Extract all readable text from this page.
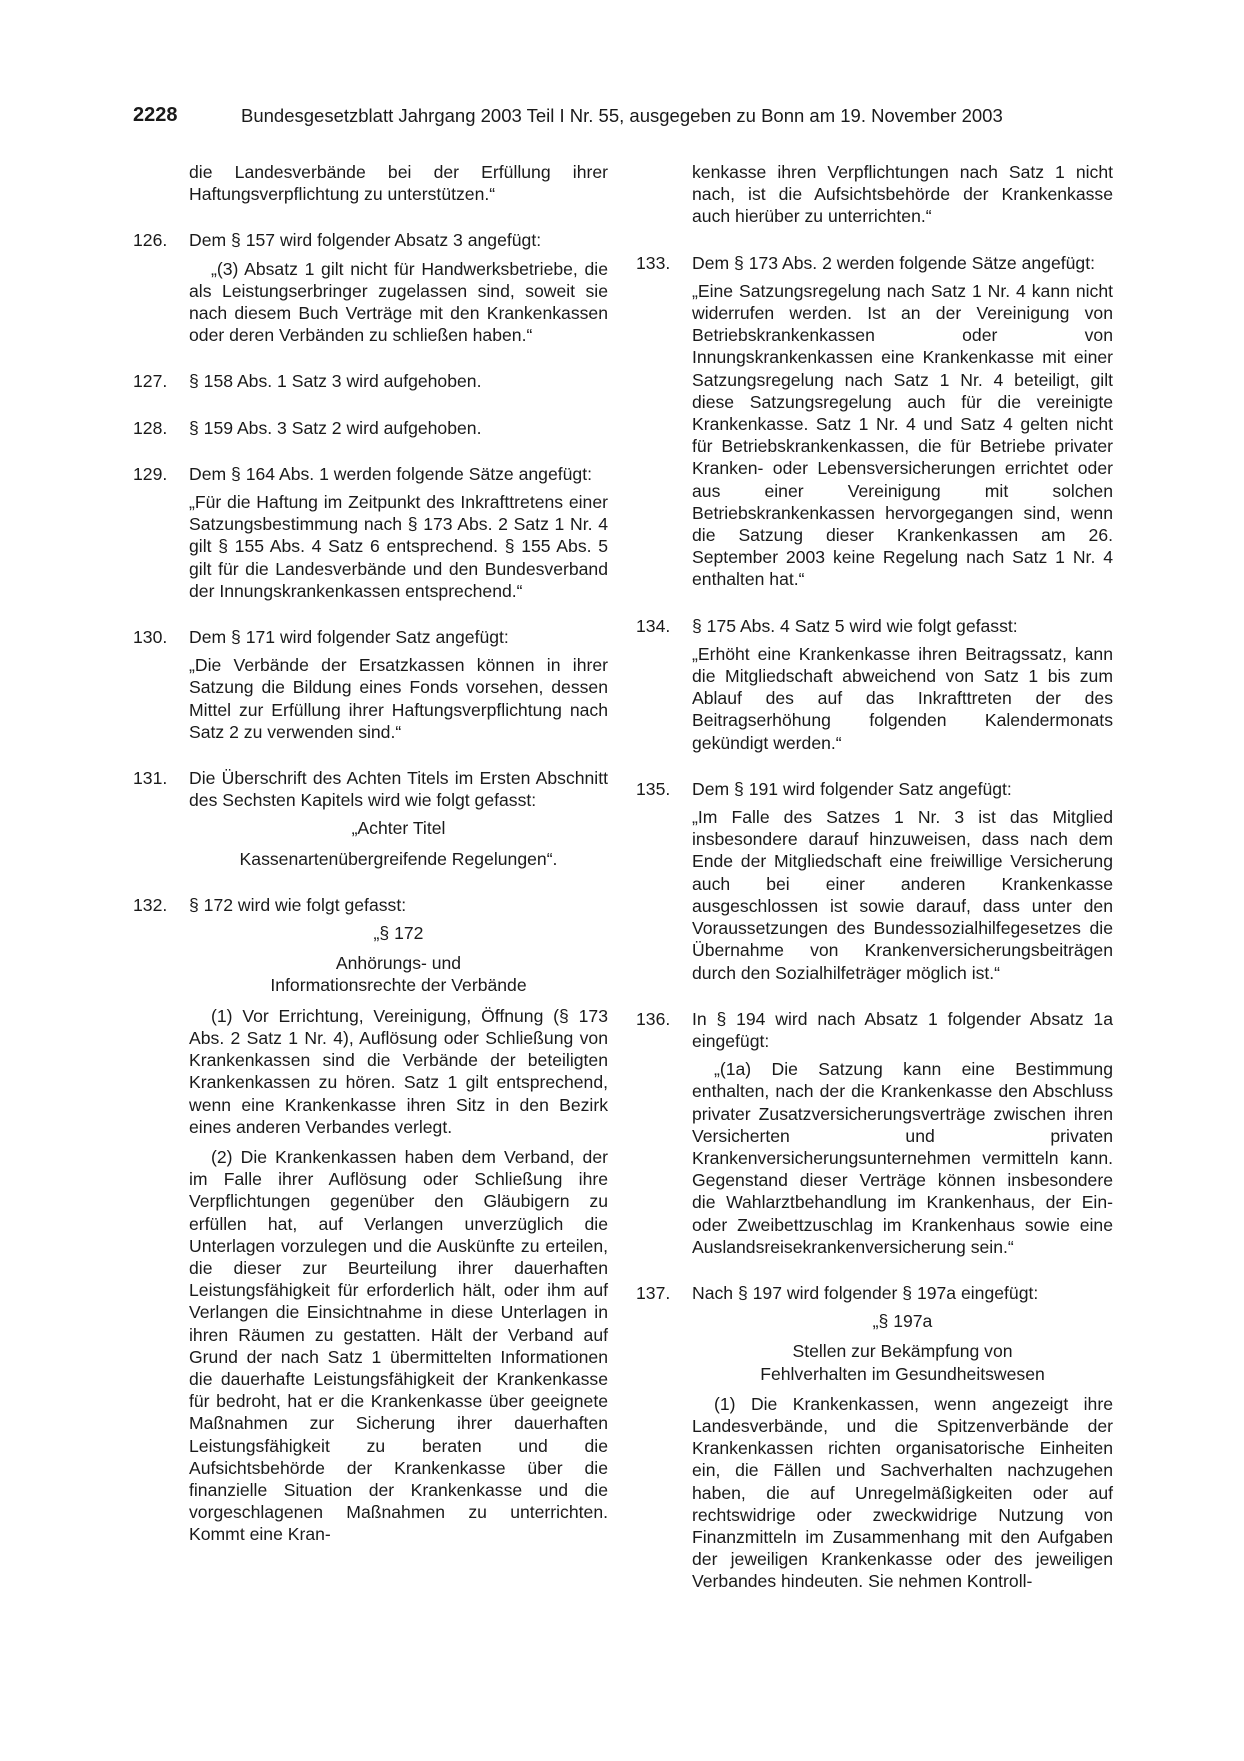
2228	Bundesgesetzblatt Jahrgang 2003 Teil I Nr. 55, ausgegeben zu Bonn am 19. November 2003

die Landesverbände bei der Erfüllung ihrer Haftungsverpflichtung zu unterstützen.“

126. Dem § 157 wird folgender Absatz 3 angefügt:

„(3) Absatz 1 gilt nicht für Handwerksbetriebe, die als Leistungserbringer zugelassen sind, soweit sie nach diesem Buch Verträge mit den Krankenkassen oder deren Verbänden zu schließen haben.“

127. § 158 Abs. 1 Satz 3 wird aufgehoben.

128. § 159 Abs. 3 Satz 2 wird aufgehoben.

129. Dem § 164 Abs. 1 werden folgende Sätze angefügt:

„Für die Haftung im Zeitpunkt des Inkrafttretens einer Satzungsbestimmung nach § 173 Abs. 2 Satz 1 Nr. 4 gilt § 155 Abs. 4 Satz 6 entsprechend. § 155 Abs. 5 gilt für die Landesverbände und den Bundesverband der Innungskrankenkassen entsprechend.“

130. Dem § 171 wird folgender Satz angefügt:

„Die Verbände der Ersatzkassen können in ihrer Satzung die Bildung eines Fonds vorsehen, dessen Mittel zur Erfüllung ihrer Haftungsverpflichtung nach Satz 2 zu verwenden sind.“

131. Die Überschrift des Achten Titels im Ersten Abschnitt des Sechsten Kapitels wird wie folgt gefasst:

„Achter Titel

Kassenartenübergreifende Regelungen“.

132. § 172 wird wie folgt gefasst:

„§ 172

Anhörungs- und

Informationsrechte der Verbände

(1) Vor Errichtung, Vereinigung, Öffnung (§ 173 Abs. 2 Satz 1 Nr. 4), Auflösung oder Schließung von Krankenkassen sind die Verbände der beteiligten Krankenkassen zu hören. Satz 1 gilt entsprechend, wenn eine Krankenkasse ihren Sitz in den Bezirk eines anderen Verbandes verlegt.

(2) Die Krankenkassen haben dem Verband, der im Falle ihrer Auflösung oder Schließung ihre Verpflichtungen gegenüber den Gläubigern zu erfüllen hat, auf Verlangen unverzüglich die Unterlagen vorzulegen und die Auskünfte zu erteilen, die dieser zur Beurteilung ihrer dauerhaften Leistungsfähigkeit für erforderlich hält, oder ihm auf Verlangen die Einsichtnahme in diese Unterlagen in ihren Räumen zu gestatten. Hält der Verband auf Grund der nach Satz 1 übermittelten Informationen die dauerhafte Leistungsfähigkeit der Krankenkasse für bedroht, hat er die Krankenkasse über geeignete Maßnahmen zur Sicherung ihrer dauerhaften Leistungsfähigkeit zu beraten und die Aufsichtsbehörde der Krankenkasse über die finanzielle Situation der Krankenkasse und die vorgeschlagenen Maßnahmen zu unterrichten. Kommt eine Kran-

kenkasse ihren Verpflichtungen nach Satz 1 nicht nach, ist die Aufsichtsbehörde der Krankenkasse auch hierüber zu unterrichten.“

133. Dem § 173 Abs. 2 werden folgende Sätze angefügt:

„Eine Satzungsregelung nach Satz 1 Nr. 4 kann nicht widerrufen werden. Ist an der Vereinigung von Betriebskrankenkassen oder von Innungskrankenkassen eine Krankenkasse mit einer Satzungsregelung nach Satz 1 Nr. 4 beteiligt, gilt diese Satzungsregelung auch für die vereinigte Krankenkasse. Satz 1 Nr. 4 und Satz 4 gelten nicht für Betriebskrankenkassen, die für Betriebe privater Kranken- oder Lebensversicherungen errichtet oder aus einer Vereinigung mit solchen Betriebskrankenkassen hervorgegangen sind, wenn die Satzung dieser Krankenkassen am 26. September 2003 keine Regelung nach Satz 1 Nr. 4 enthalten hat.“

134. § 175 Abs. 4 Satz 5 wird wie folgt gefasst:

„Erhöht eine Krankenkasse ihren Beitragssatz, kann die Mitgliedschaft abweichend von Satz 1 bis zum Ablauf des auf das Inkrafttreten der des Beitragserhöhung folgenden Kalendermonats gekündigt werden.“

135. Dem § 191 wird folgender Satz angefügt:

„Im Falle des Satzes 1 Nr. 3 ist das Mitglied insbesondere darauf hinzuweisen, dass nach dem Ende der Mitgliedschaft eine freiwillige Versicherung auch bei einer anderen Krankenkasse ausgeschlossen ist sowie darauf, dass unter den Voraussetzungen des Bundessozialhilfegesetzes die Übernahme von Krankenversicherungsbeiträgen durch den Sozialhilfeträger möglich ist.“

136. In § 194 wird nach Absatz 1 folgender Absatz 1a eingefügt:

„(1a) Die Satzung kann eine Bestimmung enthalten, nach der die Krankenkasse den Abschluss privater Zusatzversicherungsverträge zwischen ihren Versicherten und privaten Krankenversicherungsunternehmen vermitteln kann. Gegenstand dieser Verträge können insbesondere die Wahlarztbehandlung im Krankenhaus, der Ein- oder Zweibettzuschlag im Krankenhaus sowie eine Auslandsreisekrankenversicherung sein.“

137. Nach § 197 wird folgender § 197a eingefügt:

„§ 197a

Stellen zur Bekämpfung von

Fehlverhalten im Gesundheitswesen

(1) Die Krankenkassen, wenn angezeigt ihre Landesverbände, und die Spitzenverbände der Krankenkassen richten organisatorische Einheiten ein, die Fällen und Sachverhalten nachzugehen haben, die auf Unregelmäßigkeiten oder auf rechtswidrige oder zweckwidrige Nutzung von Finanzmitteln im Zusammenhang mit den Aufgaben der jeweiligen Krankenkasse oder des jeweiligen Verbandes hindeuten. Sie nehmen Kontroll-
